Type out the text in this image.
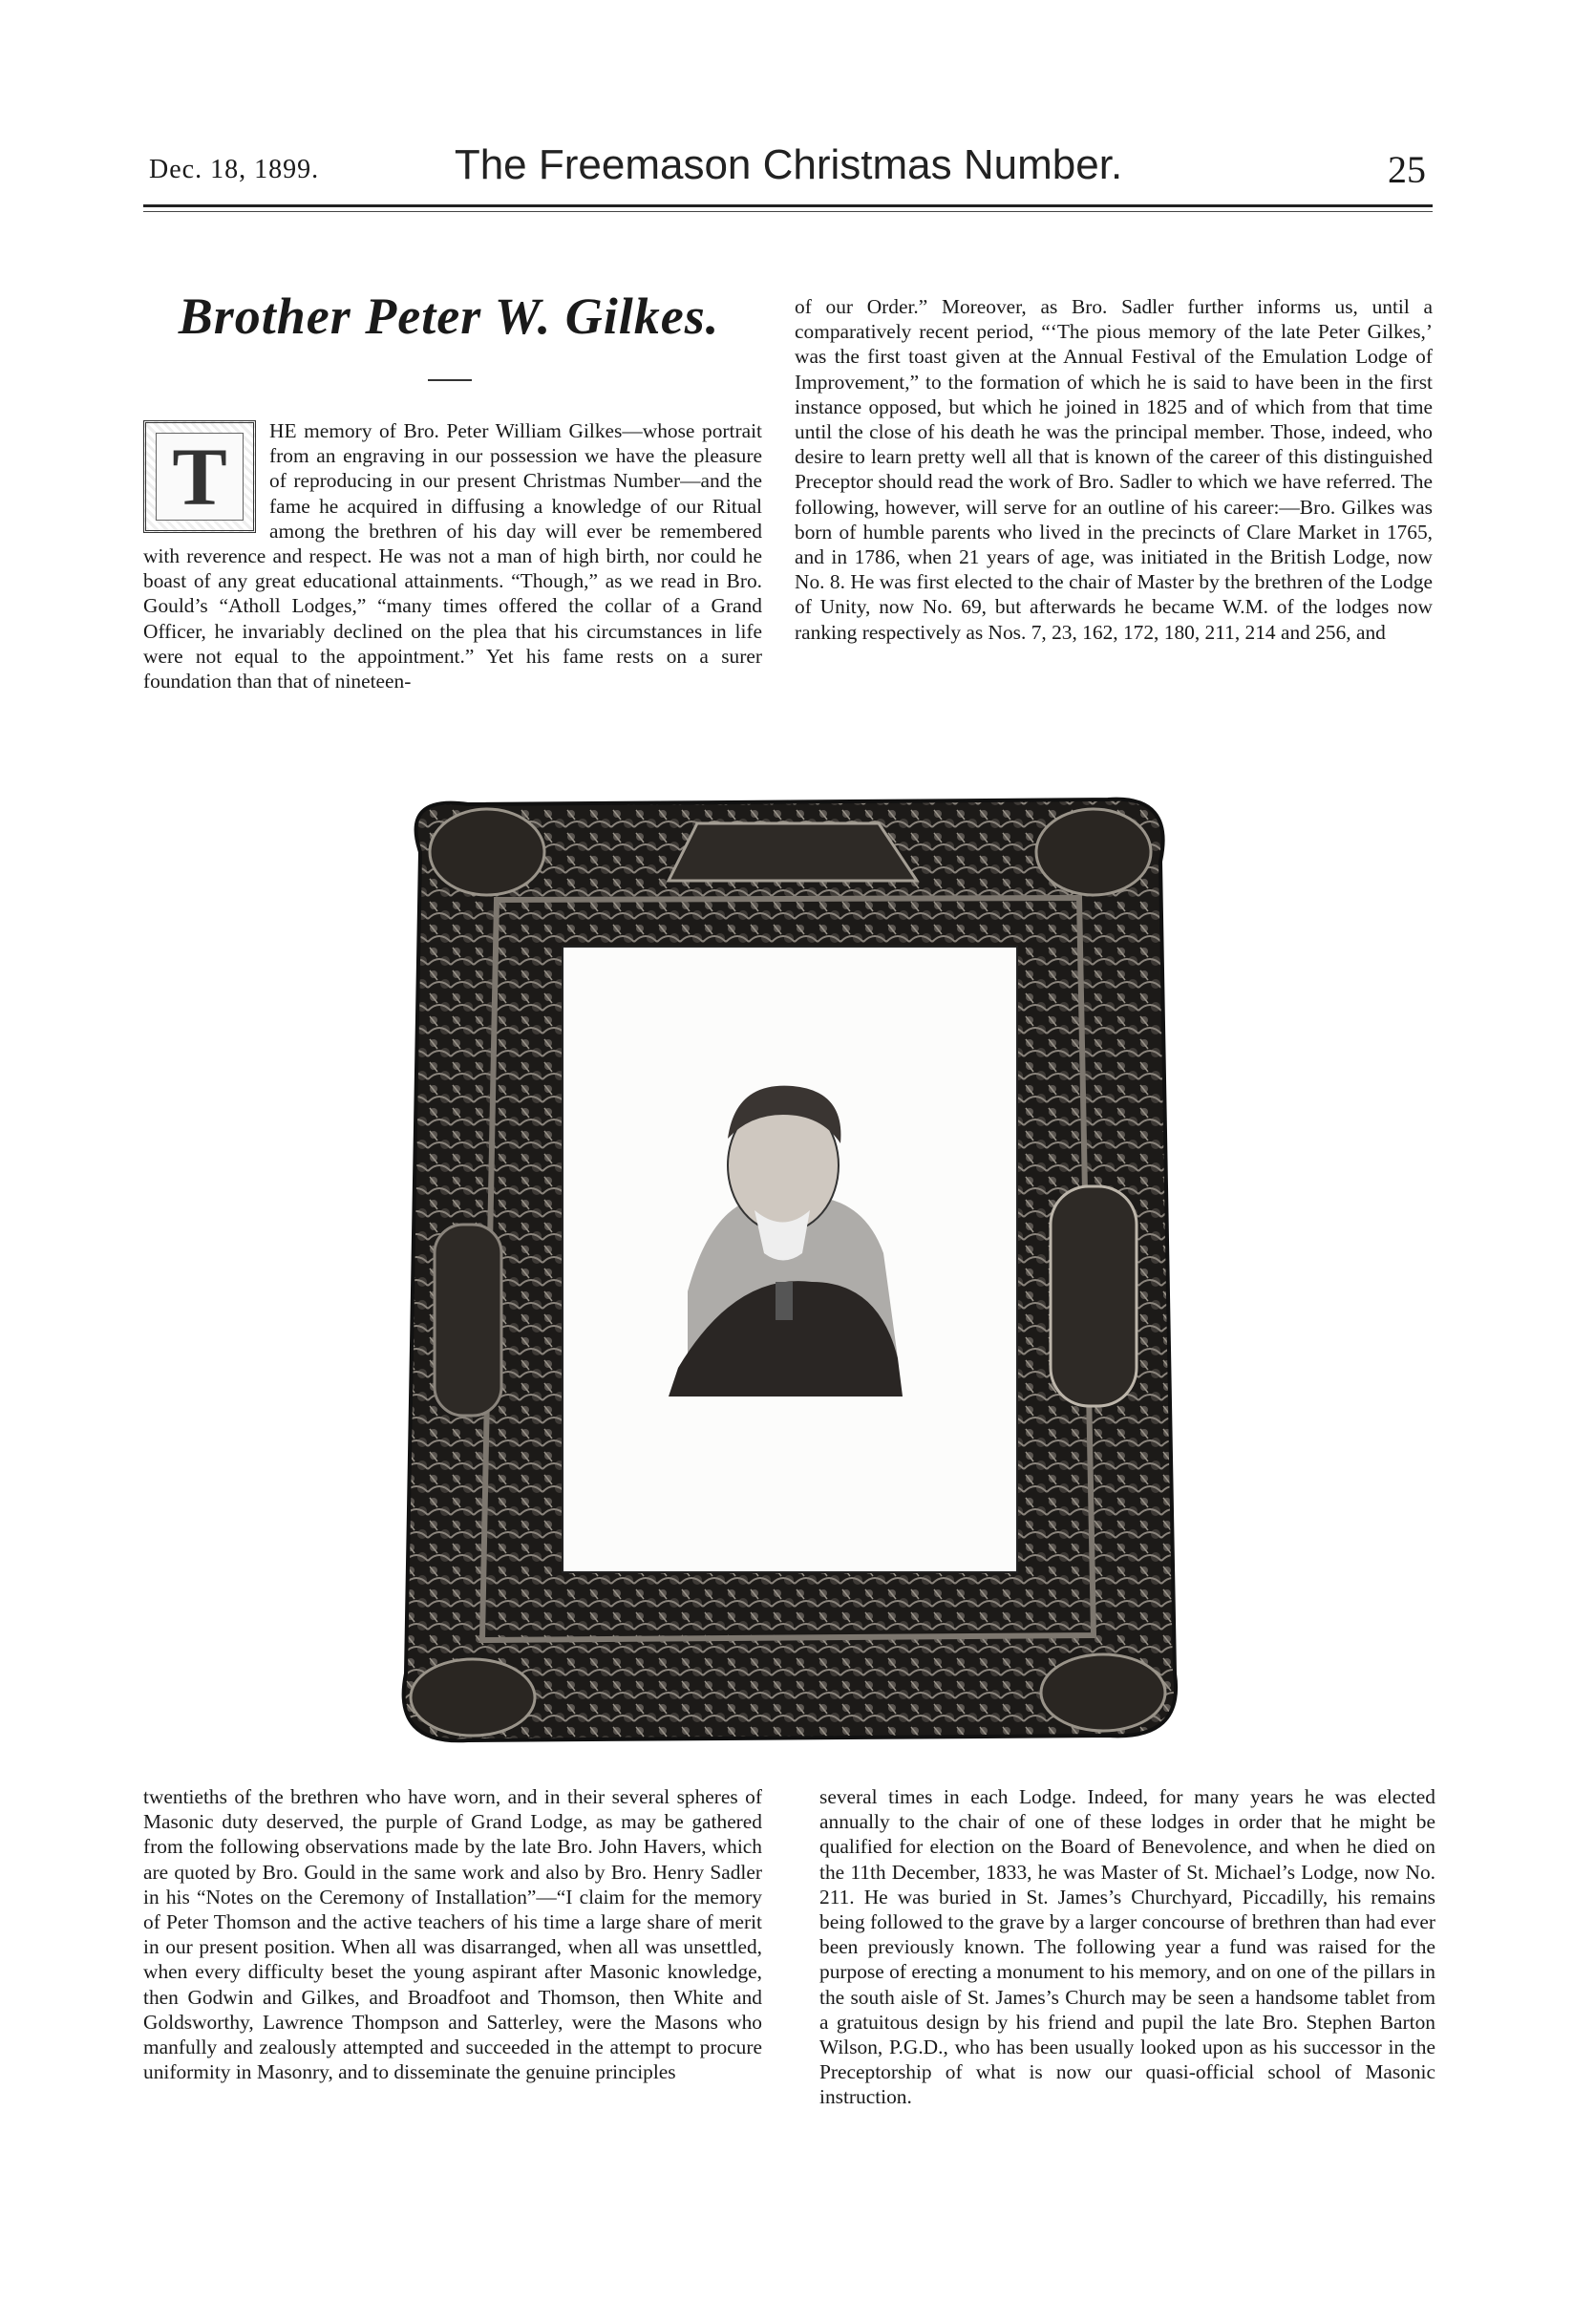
Dec. 18, 1899.	The Freemason Christmas Number.	25
Brother Peter W. Gilkes.
T	HE memory of Bro. Peter William Gilkes—whose portrait from an engraving in our possession we have the pleasure of reproducing in our present Christmas Number—and the fame he acquired in diffusing a knowledge of our Ritual among the brethren of his day will ever be remembered with reverence and respect. He was not a man of high birth, nor could he boast of any great educational attainments. “Though,” as we read in Bro. Gould’s “Atholl Lodges,” “many times offered the collar of a Grand Officer, he invariably declined on the plea that his circumstances in life were not equal to the appointment.” Yet his fame rests on a surer foundation than that of nineteen-

of our Order.” Moreover, as Bro. Sadler further informs us, until a comparatively recent period, “‘The pious memory of the late Peter Gilkes,’ was the first toast given at the Annual Festival of the Emulation Lodge of Improvement,” to the formation of which he is said to have been in the first instance opposed, but which he joined in 1825 and of which from that time until the close of his death he was the principal member. Those, indeed, who desire to learn pretty well all that is known of the career of this distinguished Preceptor should read the work of Bro. Sadler to which we have referred. The following, however, will serve for an outline of his career:—Bro. Gilkes was born of humble parents who lived in the precincts of Clare Market in 1765, and in 1786, when 21 years of age, was initiated in the British Lodge, now No. 8. He was first elected to the chair of Master by the brethren of the Lodge of Unity, now No. 69, but afterwards he became W.M. of the lodges now ranking respectively as Nos. 7, 23, 162, 172, 180, 211, 214 and 256, and

twentieths of the brethren who have worn, and in their several spheres of Masonic duty deserved, the purple of Grand Lodge, as may be gathered from the following observations made by the late Bro. John Havers, which are quoted by Bro. Gould in the same work and also by Bro. Henry Sadler in his “Notes on the Ceremony of Installation”—“I claim for the memory of Peter Thomson and the active teachers of his time a large share of merit in our present position. When all was disarranged, when all was unsettled, when every difficulty beset the young aspirant after Masonic knowledge, then Godwin and Gilkes, and Broadfoot and Thomson, then White and Goldsworthy, Lawrence Thompson and Satterley, were the Masons who manfully and zealously attempted and succeeded in the attempt to procure uniformity in Masonry, and to disseminate the genuine principles

several times in each Lodge. Indeed, for many years he was elected annually to the chair of one of these lodges in order that he might be qualified for election on the Board of Benevolence, and when he died on the 11th December, 1833, he was Master of St. Michael’s Lodge, now No. 211. He was buried in St. James’s Churchyard, Piccadilly, his remains being followed to the grave by a larger concourse of brethren than had ever been previously known. The following year a fund was raised for the purpose of erecting a monument to his memory, and on one of the pillars in the south aisle of St. James’s Church may be seen a handsome tablet from a gratuitous design by his friend and pupil the late Bro. Stephen Barton Wilson, P.G.D., who has been usually looked upon as his successor in the Preceptorship of what is now our quasi-official school of Masonic instruction.
